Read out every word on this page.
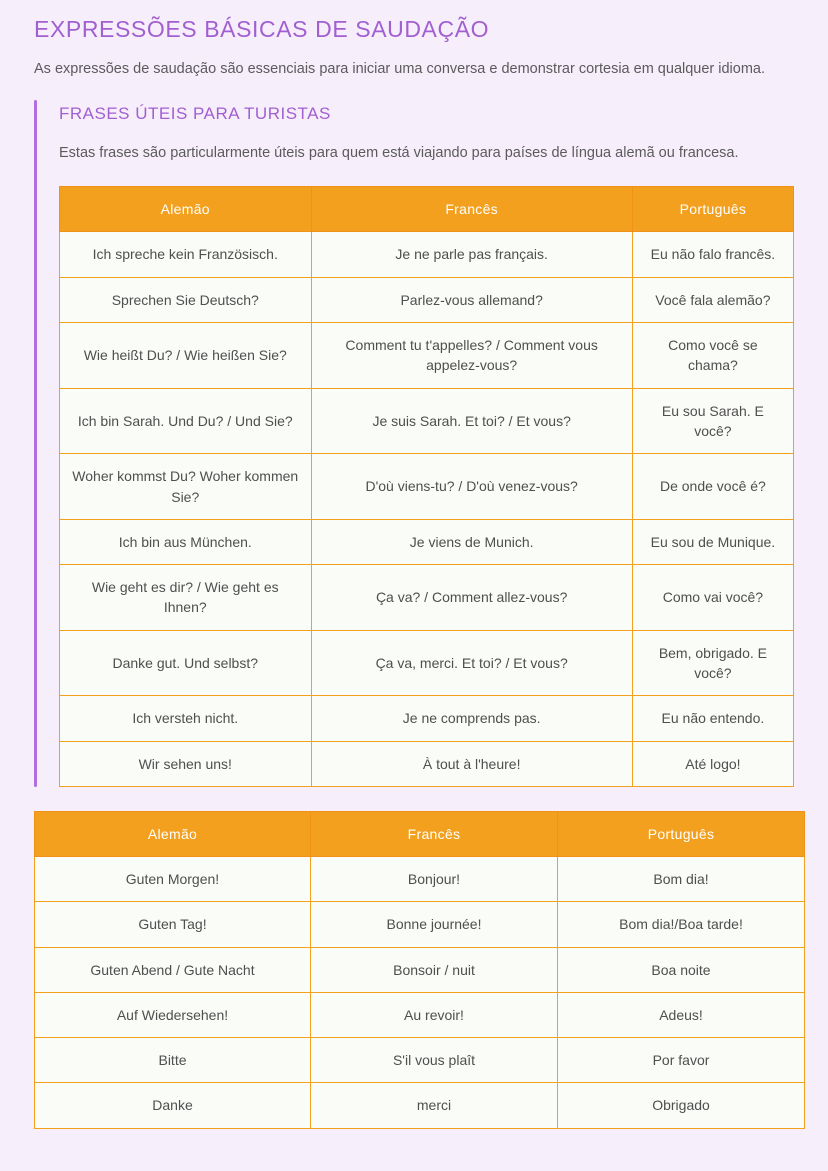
EXPRESSÕES BÁSICAS DE SAUDAÇÃO

As expressões de saudação são essenciais para iniciar uma conversa e demonstrar cortesia em qualquer idioma.

FRASES ÚTEIS PARA TURISTAS

Estas frases são particularmente úteis para quem está viajando para países de língua alemã ou francesa.

Alemão	Francês	Português
Ich spreche kein Französisch.	Je ne parle pas français.	Eu não falo francês.
Sprechen Sie Deutsch?	Parlez-vous allemand?	Você fala alemão?
Wie heißt Du? / Wie heißen Sie?	Comment tu t'appelles? / Comment vous appelez-vous?	Como você se chama?
Ich bin Sarah. Und Du? / Und Sie?	Je suis Sarah. Et toi? / Et vous?	Eu sou Sarah. E você?
Woher kommst Du? Woher kommen Sie?	D'où viens-tu? / D'où venez-vous?	De onde você é?
Ich bin aus München.	Je viens de Munich.	Eu sou de Munique.
Wie geht es dir? / Wie geht es Ihnen?	Ça va? / Comment allez-vous?	Como vai você?
Danke gut. Und selbst?	Ça va, merci. Et toi? / Et vous?	Bem, obrigado. E você?
Ich versteh nicht.	Je ne comprends pas.	Eu não entendo.
Wir sehen uns!	À tout à l'heure!	Até logo!
Alemão	Francês	Português
Guten Morgen!	Bonjour!	Bom dia!
Guten Tag!	Bonne journée!	Bom dia!/Boa tarde!
Guten Abend / Gute Nacht	Bonsoir / nuit	Boa noite
Auf Wiedersehen!	Au revoir!	Adeus!
Bitte	S'il vous plaît	Por favor
Danke	merci	Obrigado
